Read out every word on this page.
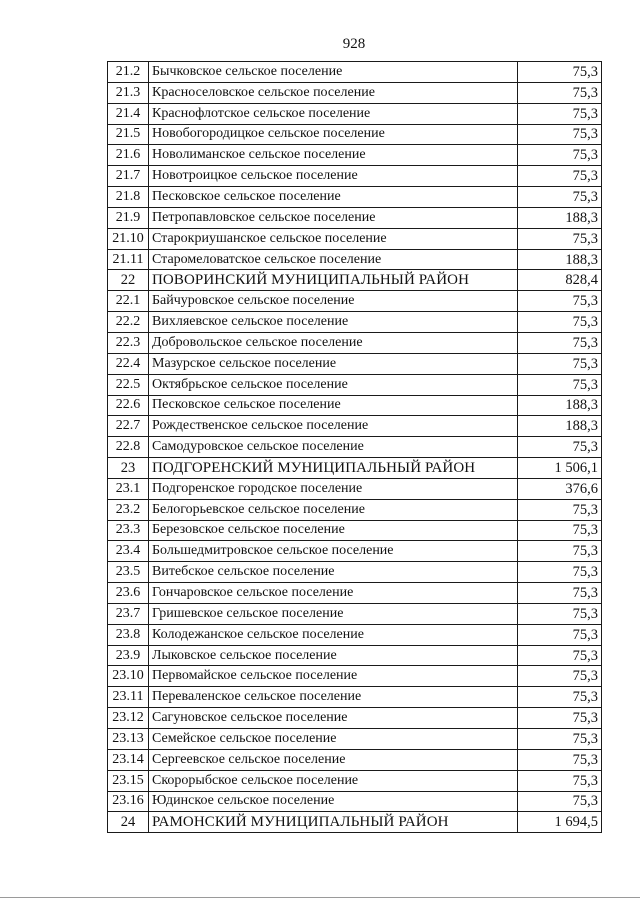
928
21.2	Бычковское сельское поселение	75,3
21.3	Красноселовское сельское поселение	75,3
21.4	Краснофлотское сельское поселение	75,3
21.5	Новобогородицкое сельское поселение	75,3
21.6	Новолиманское сельское поселение	75,3
21.7	Новотроицкое сельское поселение	75,3
21.8	Песковское сельское поселение	75,3
21.9	Петропавловское сельское поселение	188,3
21.10	Старокриушанское сельское поселение	75,3
21.11	Старомеловатское сельское поселение	188,3
22	ПОВОРИНСКИЙ МУНИЦИПАЛЬНЫЙ РАЙОН	828,4
22.1	Байчуровское сельское поселение	75,3
22.2	Вихляевское сельское поселение	75,3
22.3	Добровольское сельское поселение	75,3
22.4	Мазурское сельское поселение	75,3
22.5	Октябрьское сельское поселение	75,3
22.6	Песковское сельское поселение	188,3
22.7	Рождественское сельское поселение	188,3
22.8	Самодуровское сельское поселение	75,3
23	ПОДГОРЕНСКИЙ МУНИЦИПАЛЬНЫЙ РАЙОН	1 506,1
23.1	Подгоренское городское поселение	376,6
23.2	Белогорьевское сельское поселение	75,3
23.3	Березовское сельское поселение	75,3
23.4	Большедмитровское сельское поселение	75,3
23.5	Витебское сельское поселение	75,3
23.6	Гончаровское сельское поселение	75,3
23.7	Гришевское сельское поселение	75,3
23.8	Колодежанское сельское поселение	75,3
23.9	Лыковское сельское поселение	75,3
23.10	Первомайское сельское поселение	75,3
23.11	Переваленское сельское поселение	75,3
23.12	Сагуновское сельское поселение	75,3
23.13	Семейское сельское поселение	75,3
23.14	Сергеевское сельское поселение	75,3
23.15	Скорорыбское сельское поселение	75,3
23.16	Юдинское сельское поселение	75,3
24	РАМОНСКИЙ МУНИЦИПАЛЬНЫЙ РАЙОН	1 694,5
